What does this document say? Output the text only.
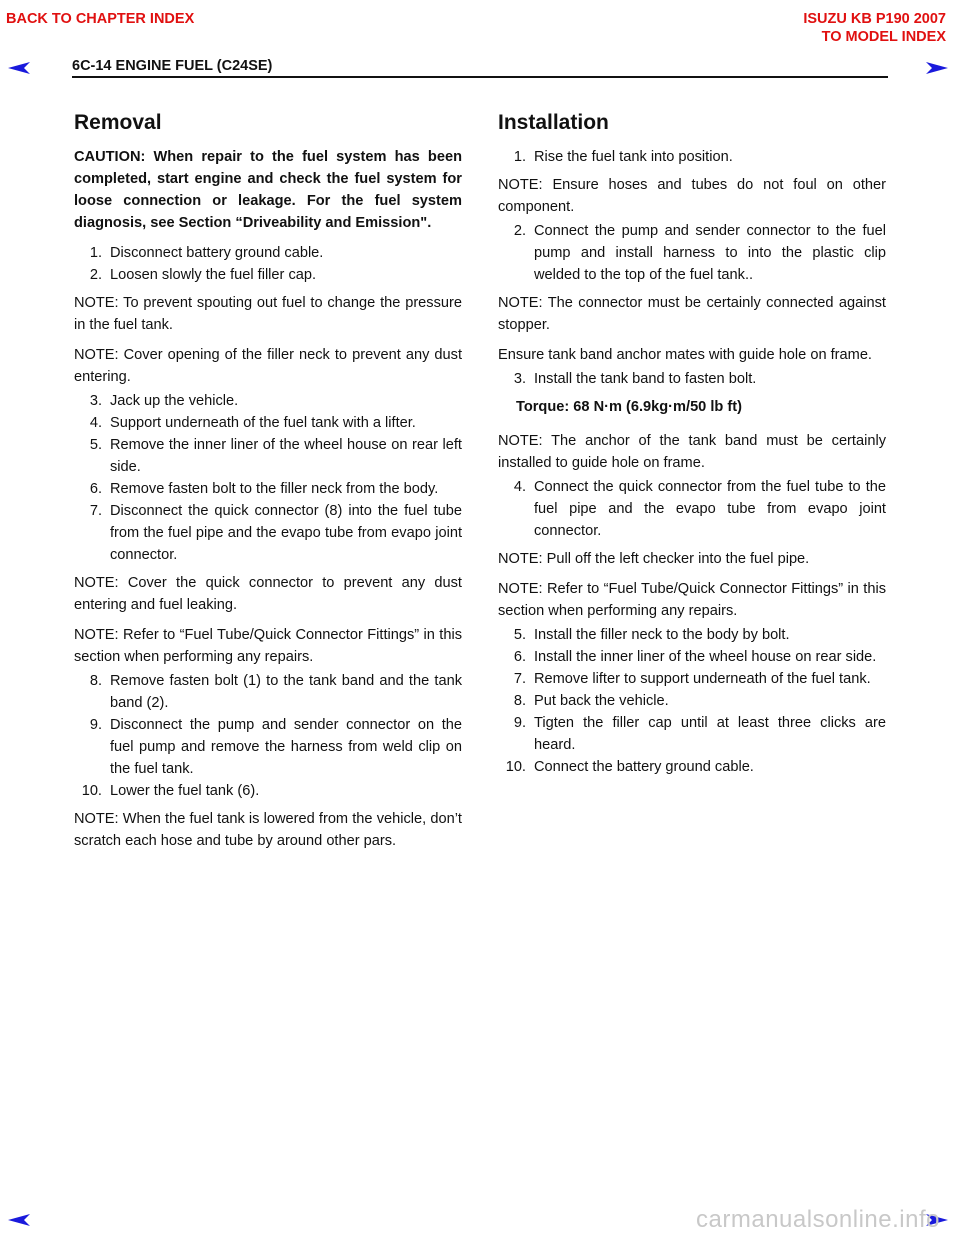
BACK TO CHAPTER INDEX	ISUZU KB P190 2007
TO MODEL INDEX
6C-14 ENGINE FUEL (C24SE)
Removal

CAUTION: When repair to the fuel system has been completed, start engine and check the fuel system for loose connection or leakage. For the fuel system diagnosis, see Section “Driveability and Emission".

1. Disconnect battery ground cable.
2. Loosen slowly the fuel filler cap.

NOTE: To prevent spouting out fuel to change the pressure in the fuel tank.

NOTE: Cover opening of the filler neck to prevent any dust entering.

3. Jack up the vehicle.
4. Support underneath of the fuel tank with a lifter.
5. Remove the inner liner of the wheel house on rear left side.
6. Remove fasten bolt to the filler neck from the body.
7. Disconnect the quick connector (8) into the fuel tube from the fuel pipe and the evapo tube from evapo joint connector.

NOTE: Cover the quick connector to prevent any dust entering and fuel leaking.

NOTE: Refer to “Fuel Tube/Quick Connector Fittings” in this section when performing any repairs.

8. Remove fasten bolt (1) to the tank band and the tank band (2).
9. Disconnect the pump and sender connector on the fuel pump and remove the harness from weld clip on the fuel tank.
10. Lower the fuel tank (6).

NOTE: When the fuel tank is lowered from the vehicle, don’t scratch each hose and tube by around other pars.

Installation
1. Rise the fuel tank into position.

NOTE: Ensure hoses and tubes do not foul on other component.

2. Connect the pump and sender connector to the fuel pump and install harness to into the plastic clip welded to the top of the fuel tank..

NOTE: The connector must be certainly connected against stopper.

Ensure tank band anchor mates with guide hole on frame.

3. Install the tank band to fasten bolt.
Torque: 68 N·m (6.9kg·m/50 lb ft)

NOTE: The anchor of the tank band must be certainly installed to guide hole on frame.

4. Connect the quick connector from the fuel tube to the fuel pipe and the evapo tube from evapo joint connector.

NOTE: Pull off the left checker into the fuel pipe.

NOTE: Refer to “Fuel Tube/Quick Connector Fittings” in this section when performing any repairs.

5. Install the filler neck to the body by bolt.
6. Install the inner liner of the wheel house on rear side.
7. Remove lifter to support underneath of the fuel tank.
8. Put back the vehicle.
9. Tigten the filler cap until at least three clicks are heard.
10. Connect the battery ground cable.
carmanualsonline.info
